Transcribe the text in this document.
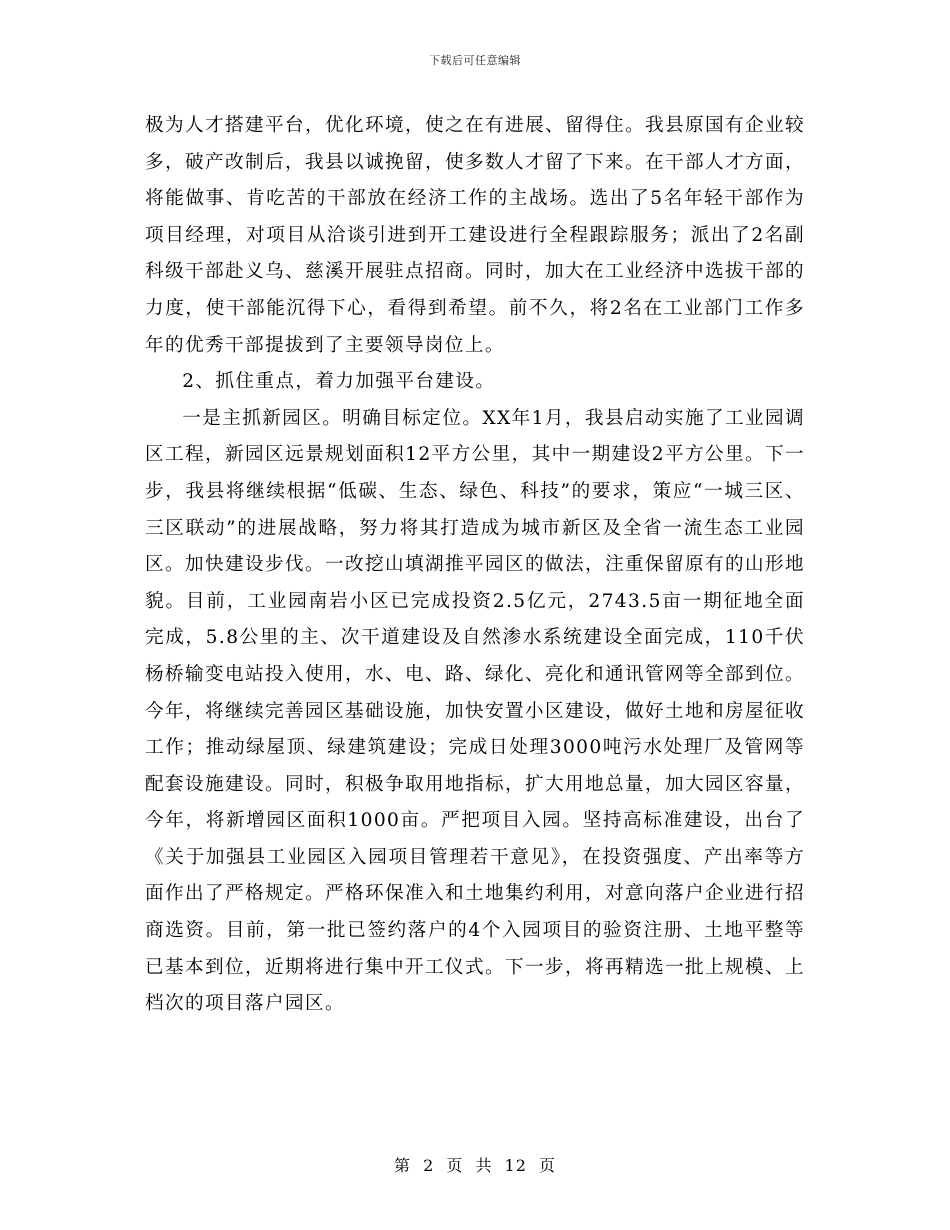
下载后可任意编辑

极为人才搭建平台，优化环境，使之在有进展、留得住。我县原国有企业较多，破产改制后，我县以诚挽留，使多数人才留了下来。在干部人才方面，将能做事、肯吃苦的干部放在经济工作的主战场。选出了5名年轻干部作为项目经理，对项目从洽谈引进到开工建设进行全程跟踪服务；派出了2名副科级干部赴义乌、慈溪开展驻点招商。同时，加大在工业经济中选拔干部的力度，使干部能沉得下心，看得到希望。前不久，将2名在工业部门工作多年的优秀干部提拔到了主要领导岗位上。

2、抓住重点，着力加强平台建设。

一是主抓新园区。明确目标定位。XX年1月，我县启动实施了工业园调区工程，新园区远景规划面积12平方公里，其中一期建设2平方公里。下一步，我县将继续根据“低碳、生态、绿色、科技”的要求，策应“一城三区、三区联动”的进展战略，努力将其打造成为城市新区及全省一流生态工业园区。加快建设步伐。一改挖山填湖推平园区的做法，注重保留原有的山形地貌。目前，工业园南岩小区已完成投资2.5亿元，2743.5亩一期征地全面完成，5.8公里的主、次干道建设及自然渗水系统建设全面完成，110千伏杨桥输变电站投入使用，水、电、路、绿化、亮化和通讯管网等全部到位。今年，将继续完善园区基础设施，加快安置小区建设，做好土地和房屋征收工作；推动绿屋顶、绿建筑建设；完成日处理3000吨污水处理厂及管网等配套设施建设。同时，积极争取用地指标，扩大用地总量，加大园区容量，今年，将新增园区面积1000亩。严把项目入园。坚持高标准建设，出台了《关于加强县工业园区入园项目管理若干意见》，在投资强度、产出率等方面作出了严格规定。严格环保准入和土地集约利用，对意向落户企业进行招商选资。目前，第一批已签约落户的4个入园项目的验资注册、土地平整等已基本到位，近期将进行集中开工仪式。下一步，将再精选一批上规模、上档次的项目落户园区。

第 2 页 共 12 页
